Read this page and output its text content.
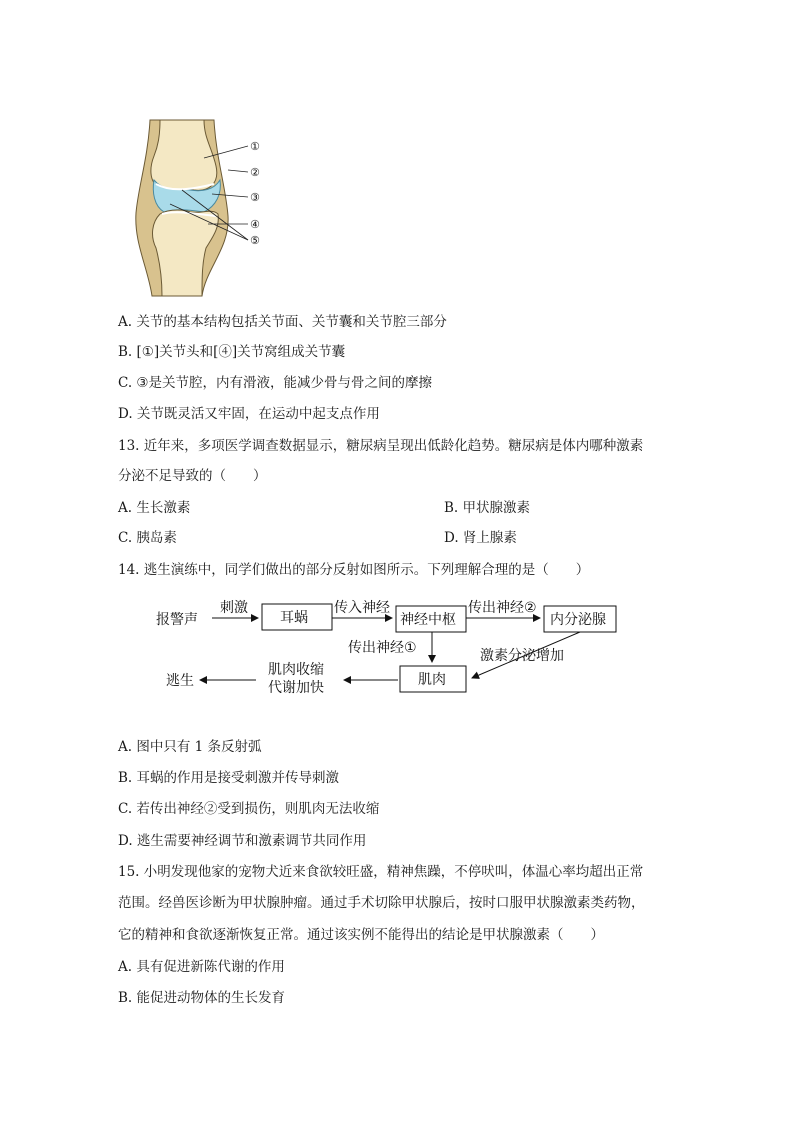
①
②
③
④
⑤
A. 关节的基本结构包括关节面、关节囊和关节腔三部分
B. [①]关节头和[④]关节窝组成关节囊
C. ③是关节腔，内有滑液，能减少骨与骨之间的摩擦
D. 关节既灵活又牢固，在运动中起支点作用
13. 近年来，多项医学调查数据显示，糖尿病呈现出低龄化趋势。糖尿病是体内哪种激素
分泌不足导致的（　　）
A. 生长激素	B. 甲状腺激素
C. 胰岛素	D. 肾上腺素
14. 逃生演练中，同学们做出的部分反射如图所示。下列理解合理的是（　　）
报警声
刺激
耳蜗
传入神经
神经中枢
传出神经②
内分泌腺
传出神经①	激素分泌增加
肌肉
肌肉收缩
代谢加快
逃生
A. 图中只有 1 条反射弧
B. 耳蜗的作用是接受刺激并传导刺激
C. 若传出神经②受到损伤，则肌肉无法收缩
D. 逃生需要神经调节和激素调节共同作用
15. 小明发现他家的宠物犬近来食欲较旺盛，精神焦躁，不停吠叫，体温心率均超出正常
范围。经兽医诊断为甲状腺肿瘤。通过手术切除甲状腺后，按时口服甲状腺激素类药物，
它的精神和食欲逐渐恢复正常。通过该实例不能得出的结论是甲状腺激素（　　）
A. 具有促进新陈代谢的作用
B. 能促进动物体的生长发育
